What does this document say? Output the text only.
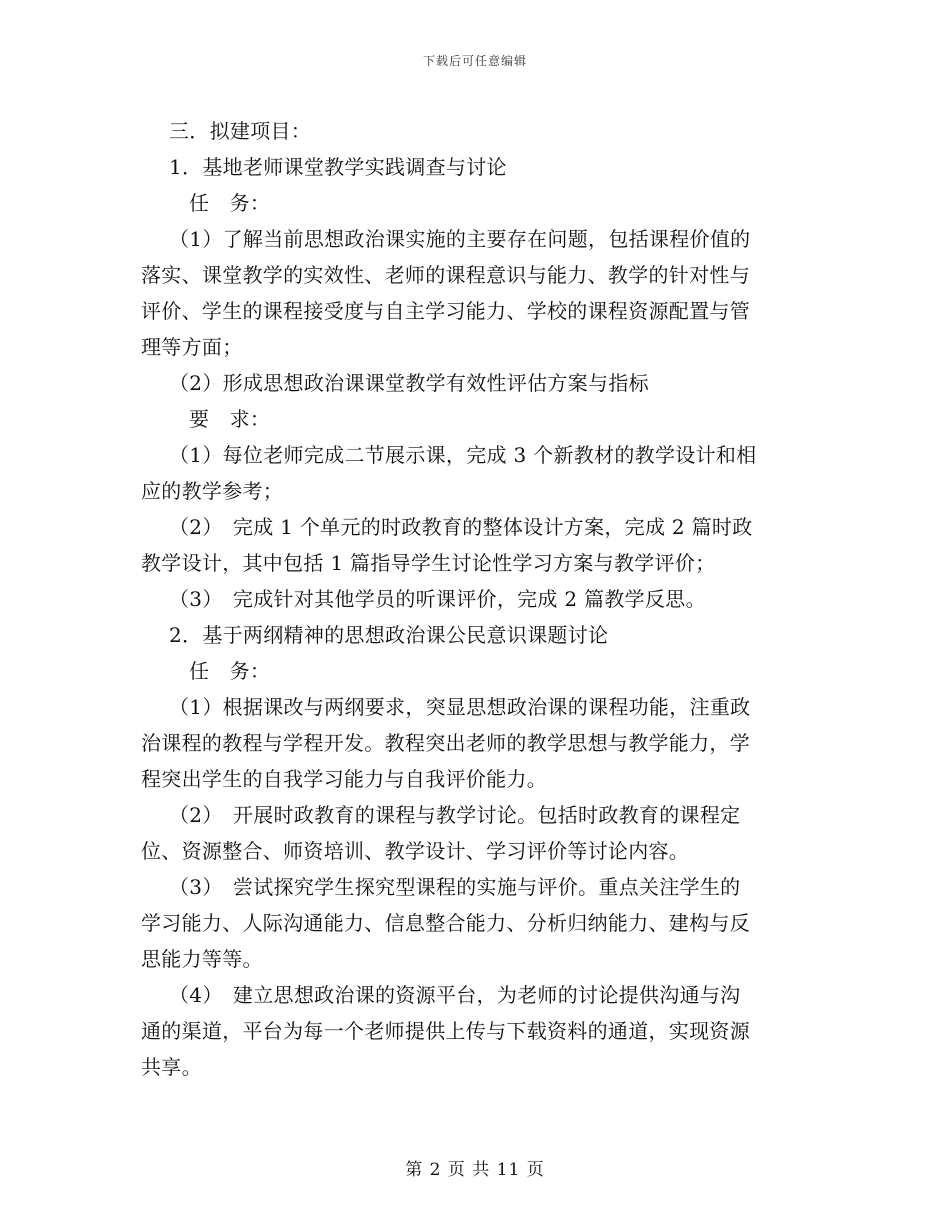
下载后可任意编辑
三．拟建项目：
1．基地老师课堂教学实践调查与讨论
任　务：
（1）了解当前思想政治课实施的主要存在问题，包括课程价值的
落实、课堂教学的实效性、老师的课程意识与能力、教学的针对性与
评价、学生的课程接受度与自主学习能力、学校的课程资源配置与管
理等方面；
（2）形成思想政治课课堂教学有效性评估方案与指标
要　求：
（1）每位老师完成二节展示课，完成 3 个新教材的教学设计和相
应的教学参考；
（2）　完成 1 个单元的时政教育的整体设计方案，完成 2 篇时政
教学设计，其中包括 1 篇指导学生讨论性学习方案与教学评价；
（3）　完成针对其他学员的听课评价，完成 2 篇教学反思。
2．基于两纲精神的思想政治课公民意识课题讨论
任　务：
（1）根据课改与两纲要求，突显思想政治课的课程功能，注重政
治课程的教程与学程开发。教程突出老师的教学思想与教学能力，学
程突出学生的自我学习能力与自我评价能力。
（2）　开展时政教育的课程与教学讨论。包括时政教育的课程定
位、资源整合、师资培训、教学设计、学习评价等讨论内容。
（3）　尝试探究学生探究型课程的实施与评价。重点关注学生的
学习能力、人际沟通能力、信息整合能力、分析归纳能力、建构与反
思能力等等。
（4）　建立思想政治课的资源平台，为老师的讨论提供沟通与沟
通的渠道，平台为每一个老师提供上传与下载资料的通道，实现资源
共享。
第 2 页 共 11 页
